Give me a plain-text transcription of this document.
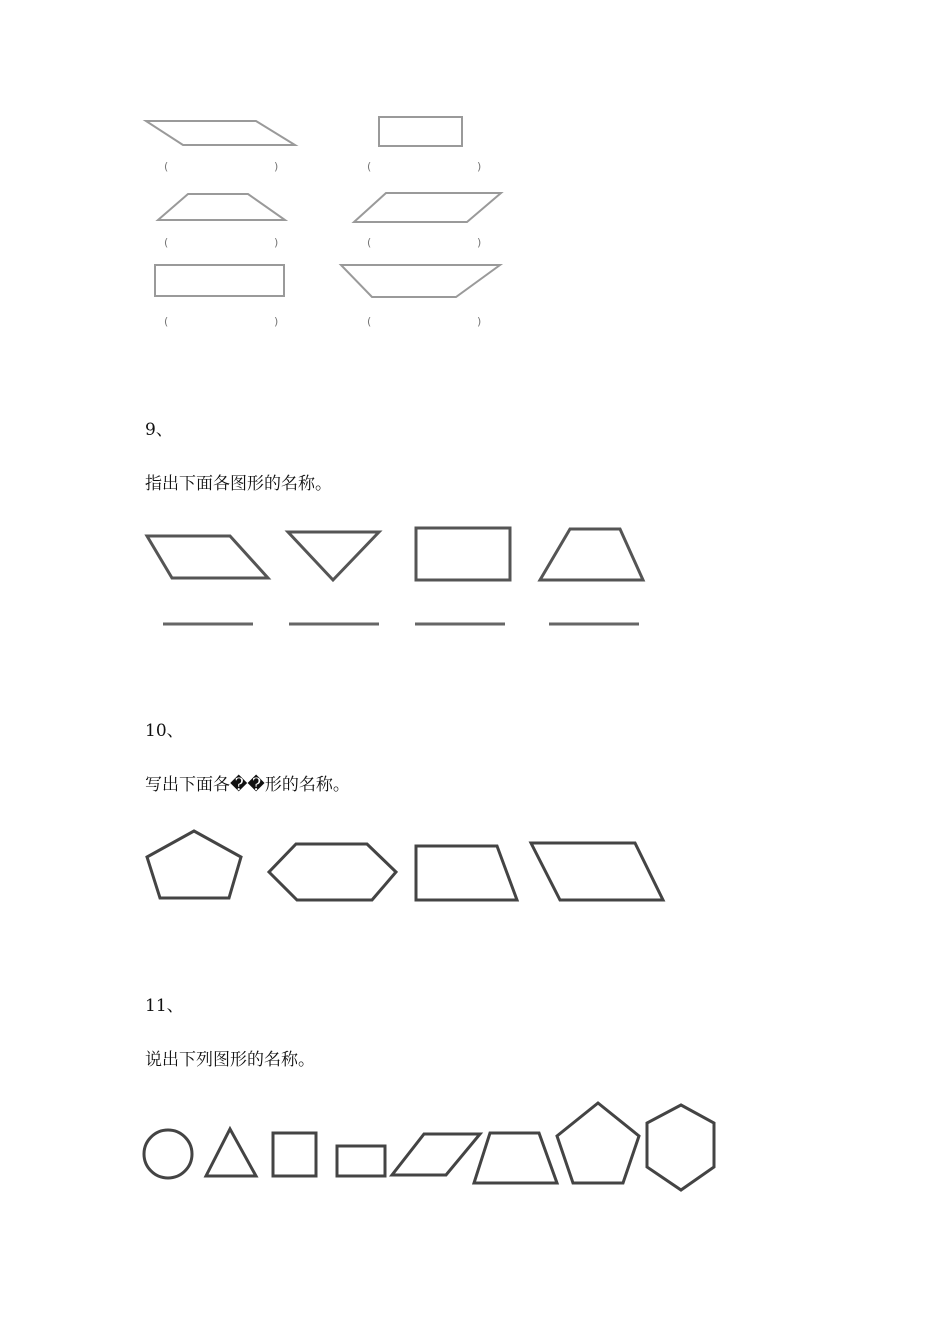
(	)	(	)
(	)	(	)
(	)	(	)
9、
指出下面各图形的名称。
10、
写出下面各��形的名称。
11、
说出下列图形的名称。
